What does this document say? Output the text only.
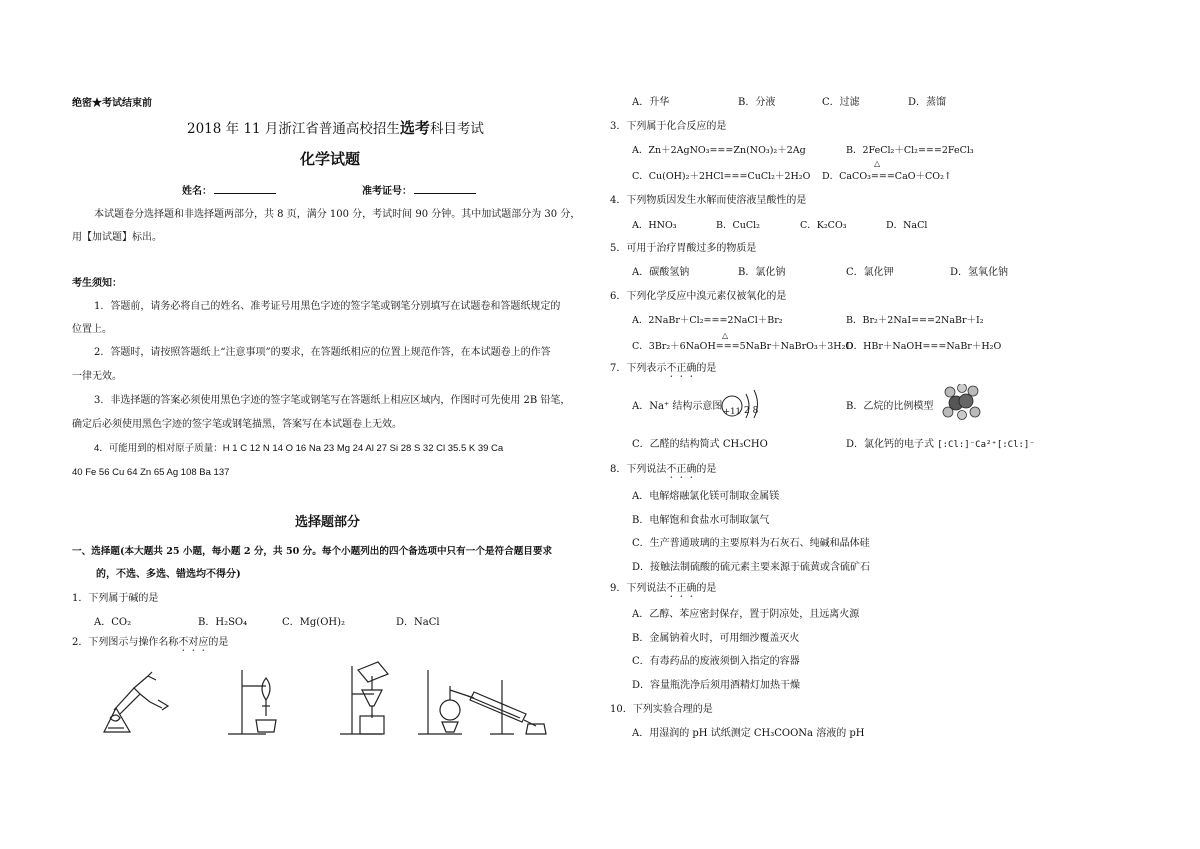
绝密★考试结束前
2018 年 11 月浙江省普通高校招生选考科目考试
化学试题
姓名：	准考证号：
本试题卷分选择题和非选择题两部分，共 8 页，满分 100 分，考试时间 90 分钟。其中加试题部分为 30 分，
用【加试题】标出。
考生须知：
1．答题前，请务必将自己的姓名、准考证号用黑色字迹的签字笔或钢笔分别填写在试题卷和答题纸规定的
位置上。
2．答题时，请按照答题纸上“注意事项”的要求，在答题纸相应的位置上规范作答，在本试题卷上的作答
一律无效。
3．非选择题的答案必须使用黑色字迹的签字笔或钢笔写在答题纸上相应区域内，作图时可先使用 2B 铅笔，
确定后必须使用黑色字迹的签字笔或钢笔描黑，答案写在本试题卷上无效。
4．可能用到的相对原子质量：H 1 C 12 N 14 O 16 Na 23 Mg 24 Al 27 Si 28 S 32 Cl 35.5 K 39 Ca
40 Fe 56 Cu 64 Zn 65 Ag 108 Ba 137
选择题部分
一、选择题(本大题共 25 小题，每小题 2 分，共 50 分。每个小题列出的四个备选项中只有一个是符合题目要求
的，不选、多选、错选均不得分)
1．下列属于碱的是
A．CO₂	B．H₂SO₄	C．Mg(OH)₂	D．NaCl
2．下列图示与操作名称不对应的是
A．升华	B．分液	C．过滤	D．蒸馏
3．下列属于化合反应的是
A．Zn＋2AgNO₃===Zn(NO₃)₂＋2Ag	B．2FeCl₂＋Cl₂===2FeCl₃
C．Cu(OH)₂＋2HCl===CuCl₂＋2H₂O
△
D．CaCO₃===CaO＋CO₂↑
4．下列物质因发生水解而使溶液呈酸性的是
A．HNO₃	B．CuCl₂	C．K₂CO₃	D．NaCl
5．可用于治疗胃酸过多的物质是
A．碳酸氢钠	B．氯化钠	C．氯化钾	D．氢氧化钠
6．下列化学反应中溴元素仅被氧化的是
A．2NaBr＋Cl₂===2NaCl＋Br₂	B．Br₂＋2NaI===2NaBr＋I₂
△
C．3Br₂＋6NaOH===5NaBr＋NaBrO₃＋3H₂O
D．HBr＋NaOH===NaBr＋H₂O
7．下列表示不正确的是
A．Na⁺ 结构示意图 +11 2 8	B．乙烷的比例模型
C．乙醛的结构简式 CH₃CHO	D．氯化钙的电子式 [:Cl:]⁻Ca²⁺[:Cl:]⁻
8．下列说法不正确的是
A．电解熔融氯化镁可制取金属镁
B．电解饱和食盐水可制取氯气
C．生产普通玻璃的主要原料为石灰石、纯碱和晶体硅
D．接触法制硫酸的硫元素主要来源于硫黄或含硫矿石
9．下列说法不正确的是
A．乙醇、苯应密封保存，置于阴凉处，且远离火源
B．金属钠着火时，可用细沙覆盖灭火
C．有毒药品的废液须倒入指定的容器
D．容量瓶洗净后须用酒精灯加热干燥
10．下列实验合理的是
A．用湿润的 pH 试纸测定 CH₃COONa 溶液的 pH
